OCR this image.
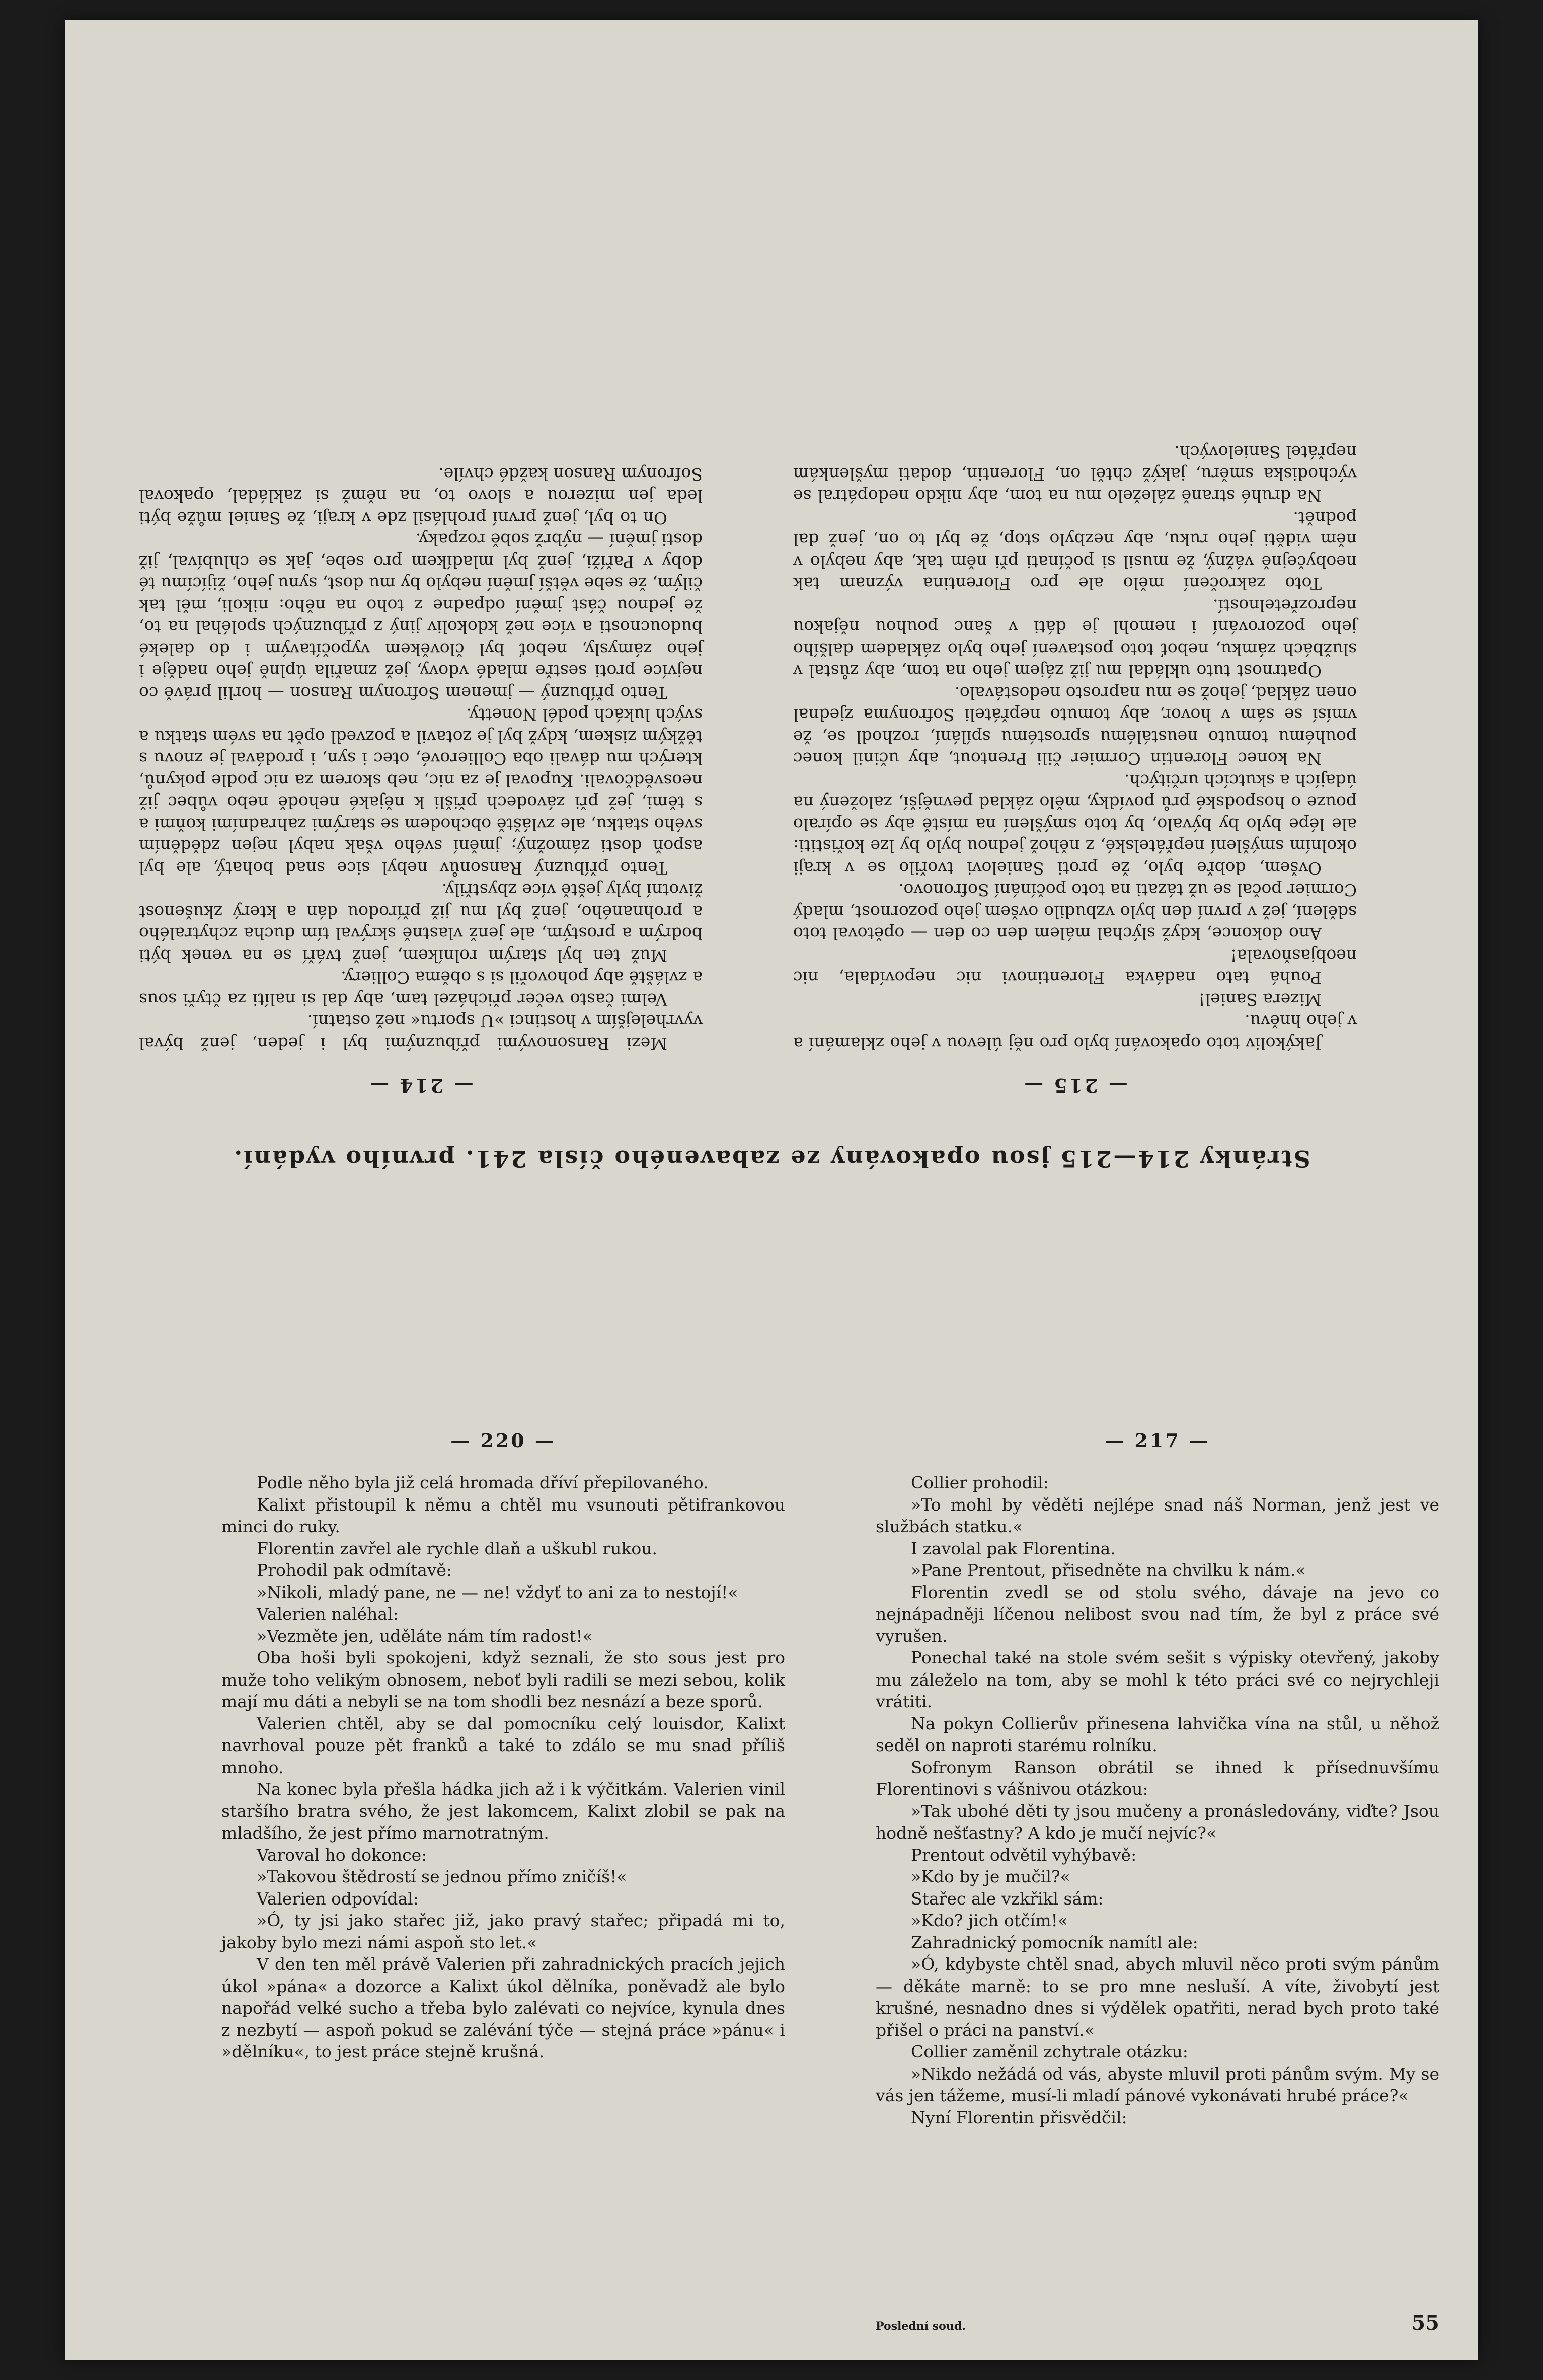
Stránky 214—215 jsou opakovány ze zabaveného čísla 241. prvního vydání.
— 214 —

Mezi Ransonovými příbuznými byl i jeden, jenž býval vyvrhelejším v hostinci »U sportu« než ostatní.

Velmi často večer přicházel tam, aby dal si nalíti za čtyři sous a zvláště aby pohovořil si s oběma Colliery.

Muž ten byl starým rolníkem, jenž tváří se na venek býti bodrým a prostým, ale jenž vlastně skrýval tím ducha zchytralého a prohnaného, jenž byl mu již přírodou dán a který zkušenost životní byly ještě více zbystřily.

Tento příbuzný Ransonův nebyl sice snad bohatý, ale byl aspoň dosti zámožný; jmění svého však nabyl nejen zděděním svého statku, ale zvláště obchodem se starými zahradními koňmi a s těmi, jež při závodech přišli k nějaké nehodě nebo vůbec již neosvědčovali. Kupoval je za nic, neb skorem za nic podle pokynů, kterých mu dávali oba Collierové, otec i syn, i prodával je znovu s těžkým ziskem, když byl je zotavil a pozvedl opět na svém statku a svých lukách podél Nonetty.

Tento příbuzný — jmenem Sofronym Ranson — horlil právě co nejvíce proti sestře mladé vdovy, jež zmařila úplně jeho naděje i jeho zámysly, neboť byl člověkem vypočítavým i do daleké budoucnosti a více než kdokoliv jiný z příbuzných spoléhal na to, že jednou část jmění odpadne z toho na něho: nikoli, měl tak čilým, že sebe větší jmění nebylo by mu dost, synu jeho, žijícímu té doby v Paříži, jenž byl mladíkem pro sebe, jak se chlubíval, již dosti jmění — nýbrž sobě rozpaky.

On to byl, jenž první prohlásil zde v kraji, že Saniel může býti leda jen mizerou a slovo to, na němž si zakládal, opakoval Sofronym Ranson každé chvíle.

— 215 —

Jakýkoliv toto opakování bylo pro něj úlevou v jeho zklamání a v jeho hněvu.

Mizera Saniel!

Pouhá tato nadávka Florentinovi nic nepovídala, nic neobjasňovala!

Ano dokonce, když slýchal málem den co den — opětoval toto sdělení, jež v první den bylo vzbudilo ovšem jeho pozornost, mladý Cormier počal se už tázati na toto počínání Sofronovo.

Ovšem, dobře bylo, že proti Sanielovi tvořilo se v kraji okolním smýšlení nepřátelské, z něhož jednou bylo by lze kořistiti: ale lépe bylo by bývalo, by toto smýšlení na místě aby se opíralo pouze o hospodské prů povídky, mělo základ pevnější, založený na údajích a skutcích určitých.

Na konec Florentin Cormier čili Prentout, aby učinil konec pouhému tomuto neustálému sprostému spílání, rozhodl se, že vmísí se sám v hovor, aby tomuto nepřáteli Sofronyma zjednal onen základ, jehož se mu naprosto nedostávalo.

Opatrnost tuto ukládal mu již zájem jeho na tom, aby zůstal v službách zámku, neboť toto postavení jeho bylo základem dalšího jeho pozorování i nemohl je dáti v šanc pouhou nějakou neprozřetelností.

Toto zakročení mělo ale pro Florentina význam tak neobyčejně vážný, že musil si počínati při něm tak, aby nebylo v něm viděti jeho ruku, aby nezbylo stop, že byl to on, jenž dal podnět.

Na druhé straně záleželo mu na tom, aby nikdo nedopátral se východiska směru, jakýž chtěl on, Florentin, dodati myšlenkám nepřátel Sanielových.

— 220 —

Podle něho byla již celá hromada dříví přepilovaného.

Kalixt přistoupil k němu a chtěl mu vsunouti pětifrankovou minci do ruky.

Florentin zavřel ale rychle dlaň a uškubl rukou.

Prohodil pak odmítavě:

»Nikoli, mladý pane, ne — ne! vždyť to ani za to nestojí!«

Valerien naléhal:

»Vezměte jen, uděláte nám tím radost!«

Oba hoši byli spokojeni, když seznali, že sto sous jest pro muže toho velikým obnosem, neboť byli radili se mezi sebou, kolik mají mu dáti a nebyli se na tom shodli bez nesnází a beze sporů.

Valerien chtěl, aby se dal pomocníku celý louisdor, Kalixt navrhoval pouze pět franků a také to zdálo se mu snad příliš mnoho.

Na konec byla přešla hádka jich až i k výčitkám. Valerien vinil staršího bratra svého, že jest lakomcem, Kalixt zlobil se pak na mladšího, že jest přímo marnotratným.

Varoval ho dokonce:

»Takovou štědrostí se jednou přímo zničíš!«

Valerien odpovídal:

»Ó, ty jsi jako stařec již, jako pravý stařec; připadá mi to, jakoby bylo mezi námi aspoň sto let.«

V den ten měl právě Valerien při zahradnických pracích jejich úkol »pána« a dozorce a Kalixt úkol dělníka, poněvadž ale bylo napořád velké sucho a třeba bylo zalévati co nejvíce, kynula dnes z nezbytí — aspoň pokud se zalévání týče — stejná práce »pánu« i »dělníku«, to jest práce stejně krušná.

— 217 —

Collier prohodil:

»To mohl by věděti nejlépe snad náš Norman, jenž jest ve službách statku.«

I zavolal pak Florentina.

»Pane Prentout, přisedněte na chvilku k nám.«

Florentin zvedl se od stolu svého, dávaje na jevo co nejnápadněji líčenou nelibost svou nad tím, že byl z práce své vyrušen.

Ponechal také na stole svém sešit s výpisky otevřený, jakoby mu záleželo na tom, aby se mohl k této práci své co nejrychleji vrátiti.

Na pokyn Collierův přinesena lahvička vína na stůl, u něhož seděl on naproti starému rolníku.

Sofronym Ranson obrátil se ihned k přísednuvšímu Florentinovi s vášnivou otázkou:

»Tak ubohé děti ty jsou mučeny a pronásledovány, viďte? Jsou hodně nešťastny? A kdo je mučí nejvíc?«

Prentout odvětil vyhýbavě:

»Kdo by je mučil?«

Stařec ale vzkřikl sám:

»Kdo? jich otčím!«

Zahradnický pomocník namítl ale:

»Ó, kdybyste chtěl snad, abych mluvil něco proti svým pánům — děkáte marně: to se pro mne nesluší. A víte, živobytí jest krušné, nesnadno dnes si výdělek opatřiti, nerad bych proto také přišel o práci na panství.«

Collier zaměnil zchytrale otázku:

»Nikdo nežádá od vás, abyste mluvil proti pánům svým. My se vás jen tážeme, musí-li mladí pánové vykonávati hrubé práce?«

Nyní Florentin přisvědčil:

Poslední soud.	55
